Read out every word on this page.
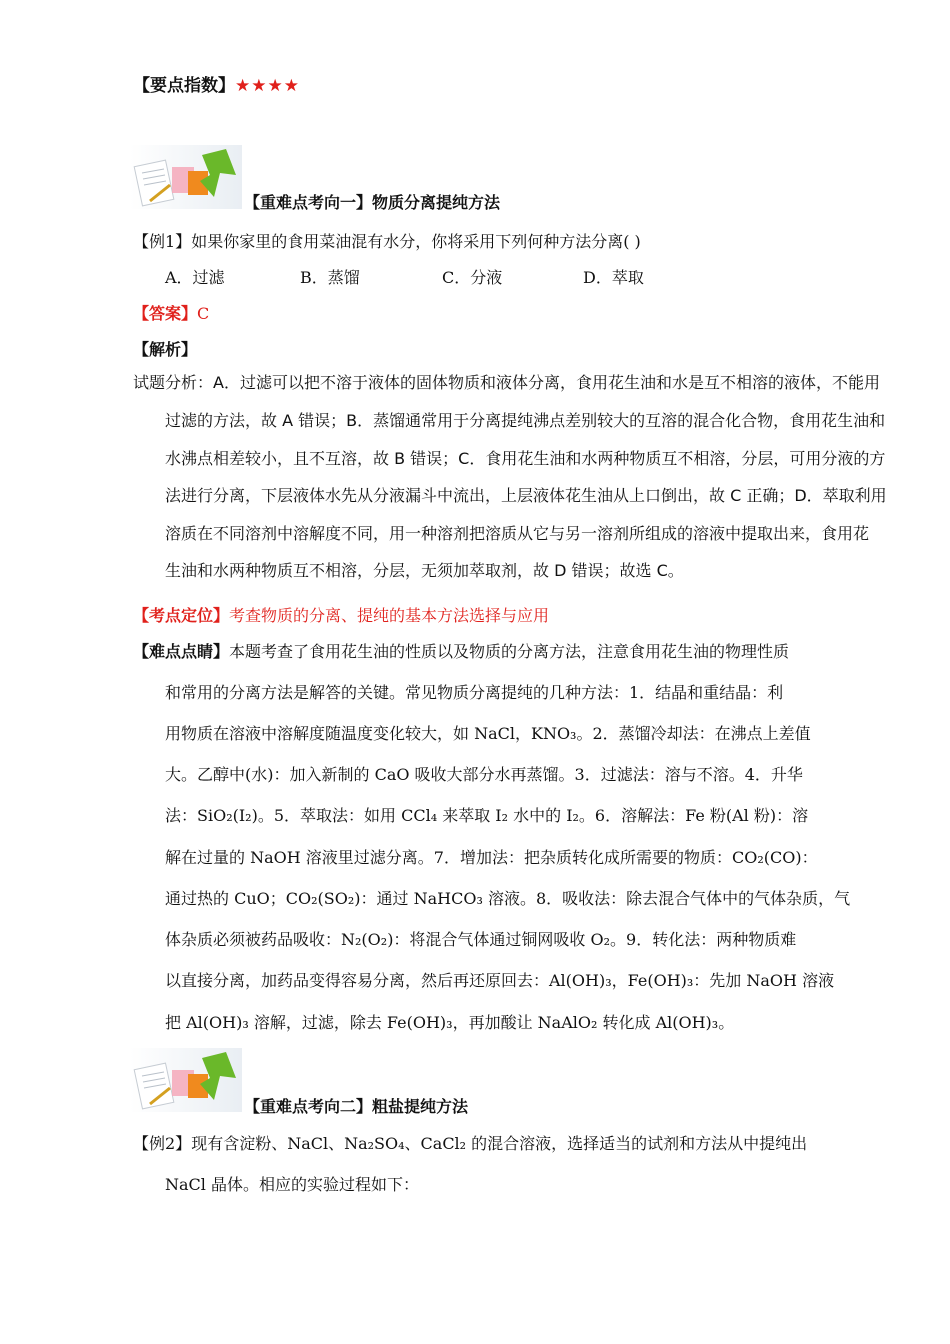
【要点指数】★★★★
【重难点考向一】物质分离提纯方法
【例1】如果你家里的食用菜油混有水分，你将采用下列何种方法分离( )
A．过滤	B．蒸馏	C．分液	D．萃取
【答案】C
【解析】
试题分析：A．过滤可以把不溶于液体的固体物质和液体分离，食用花生油和水是互不相溶的液体，不能用
过滤的方法，故 A 错误；B．蒸馏通常用于分离提纯沸点差别较大的互溶的混合化合物，食用花生油和
水沸点相差较小，且不互溶，故 B 错误；C．食用花生油和水两种物质互不相溶，分层，可用分液的方
法进行分离，下层液体水先从分液漏斗中流出，上层液体花生油从上口倒出，故 C 正确；D．萃取利用
溶质在不同溶剂中溶解度不同，用一种溶剂把溶质从它与另一溶剂所组成的溶液中提取出来，食用花
生油和水两种物质互不相溶，分层，无须加萃取剂，故 D 错误；故选 C。
【考点定位】考查物质的分离、提纯的基本方法选择与应用
【难点点睛】本题考查了食用花生油的性质以及物质的分离方法，注意食用花生油的物理性质
和常用的分离方法是解答的关键。常见物质分离提纯的几种方法：1．结晶和重结晶：利
用物质在溶液中溶解度随温度变化较大，如 NaCl，KNO₃。2．蒸馏冷却法：在沸点上差值
大。乙醇中(水)：加入新制的 CaO 吸收大部分水再蒸馏。3．过滤法：溶与不溶。4．升华
法：SiO₂(I₂)。5．萃取法：如用 CCl₄ 来萃取 I₂ 水中的 I₂。6．溶解法：Fe 粉(Al 粉)：溶
解在过量的 NaOH 溶液里过滤分离。7．增加法：把杂质转化成所需要的物质：CO₂(CO)：
通过热的 CuO；CO₂(SO₂)：通过 NaHCO₃ 溶液。8．吸收法：除去混合气体中的气体杂质，气
体杂质必须被药品吸收：N₂(O₂)：将混合气体通过铜网吸收 O₂。9．转化法：两种物质难
以直接分离，加药品变得容易分离，然后再还原回去：Al(OH)₃，Fe(OH)₃：先加 NaOH 溶液
把 Al(OH)₃ 溶解，过滤，除去 Fe(OH)₃，再加酸让 NaAlO₂ 转化成 Al(OH)₃。
【重难点考向二】粗盐提纯方法
【例2】现有含淀粉、NaCl、Na₂SO₄、CaCl₂ 的混合溶液，选择适当的试剂和方法从中提纯出
NaCl 晶体。相应的实验过程如下：
